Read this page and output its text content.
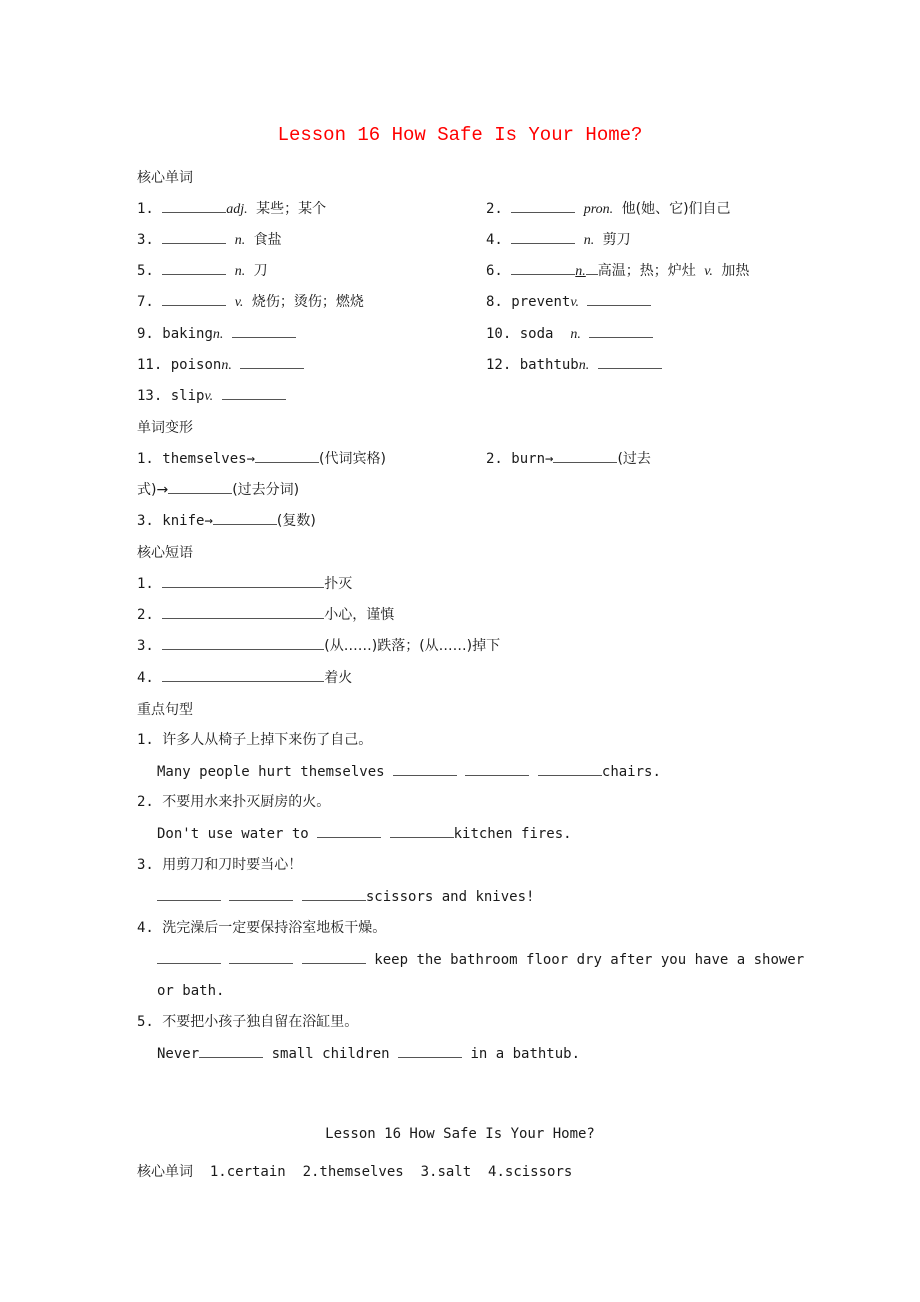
Lesson 16 How Safe Is Your Home?
核心单词
1.	adj. 某些；某个	2.	pron. 他(她、它)们自己
3.	n. 食盐	4.	n. 剪刀
5.	n. 刀	6.	n. 高温；热；炉灶 v. 加热
7.	v. 烧伤；烫伤；燃烧	8. preventv.
9. bakingn.	10. soda n.
11. poisonn.	12. bathtubn.
13. slipv.
单词变形
1. themselves→	(代词宾格)	2. burn→	(过去
式)→	(过去分词)
3. knife→	(复数)
核心短语
1.	扑灭
2.	小心，谨慎
3.	(从……)跌落；(从……)掉下
4.	着火
重点句型
1. 许多人从椅子上掉下来伤了自己。
Many people hurt themselves	chairs.
2. 不要用水来扑灭厨房的火。
Don't use water to	kitchen fires.
3. 用剪刀和刀时要当心！
scissors and knives!
4. 洗完澡后一定要保持浴室地板干燥。
keep the bathroom floor dry after you have a shower
or bath.
5. 不要把小孩子独自留在浴缸里。
Never	small children	in a bathtub.
Lesson 16 How Safe Is Your Home?
核心单词 1.certain 2.themselves 3.salt 4.scissors
